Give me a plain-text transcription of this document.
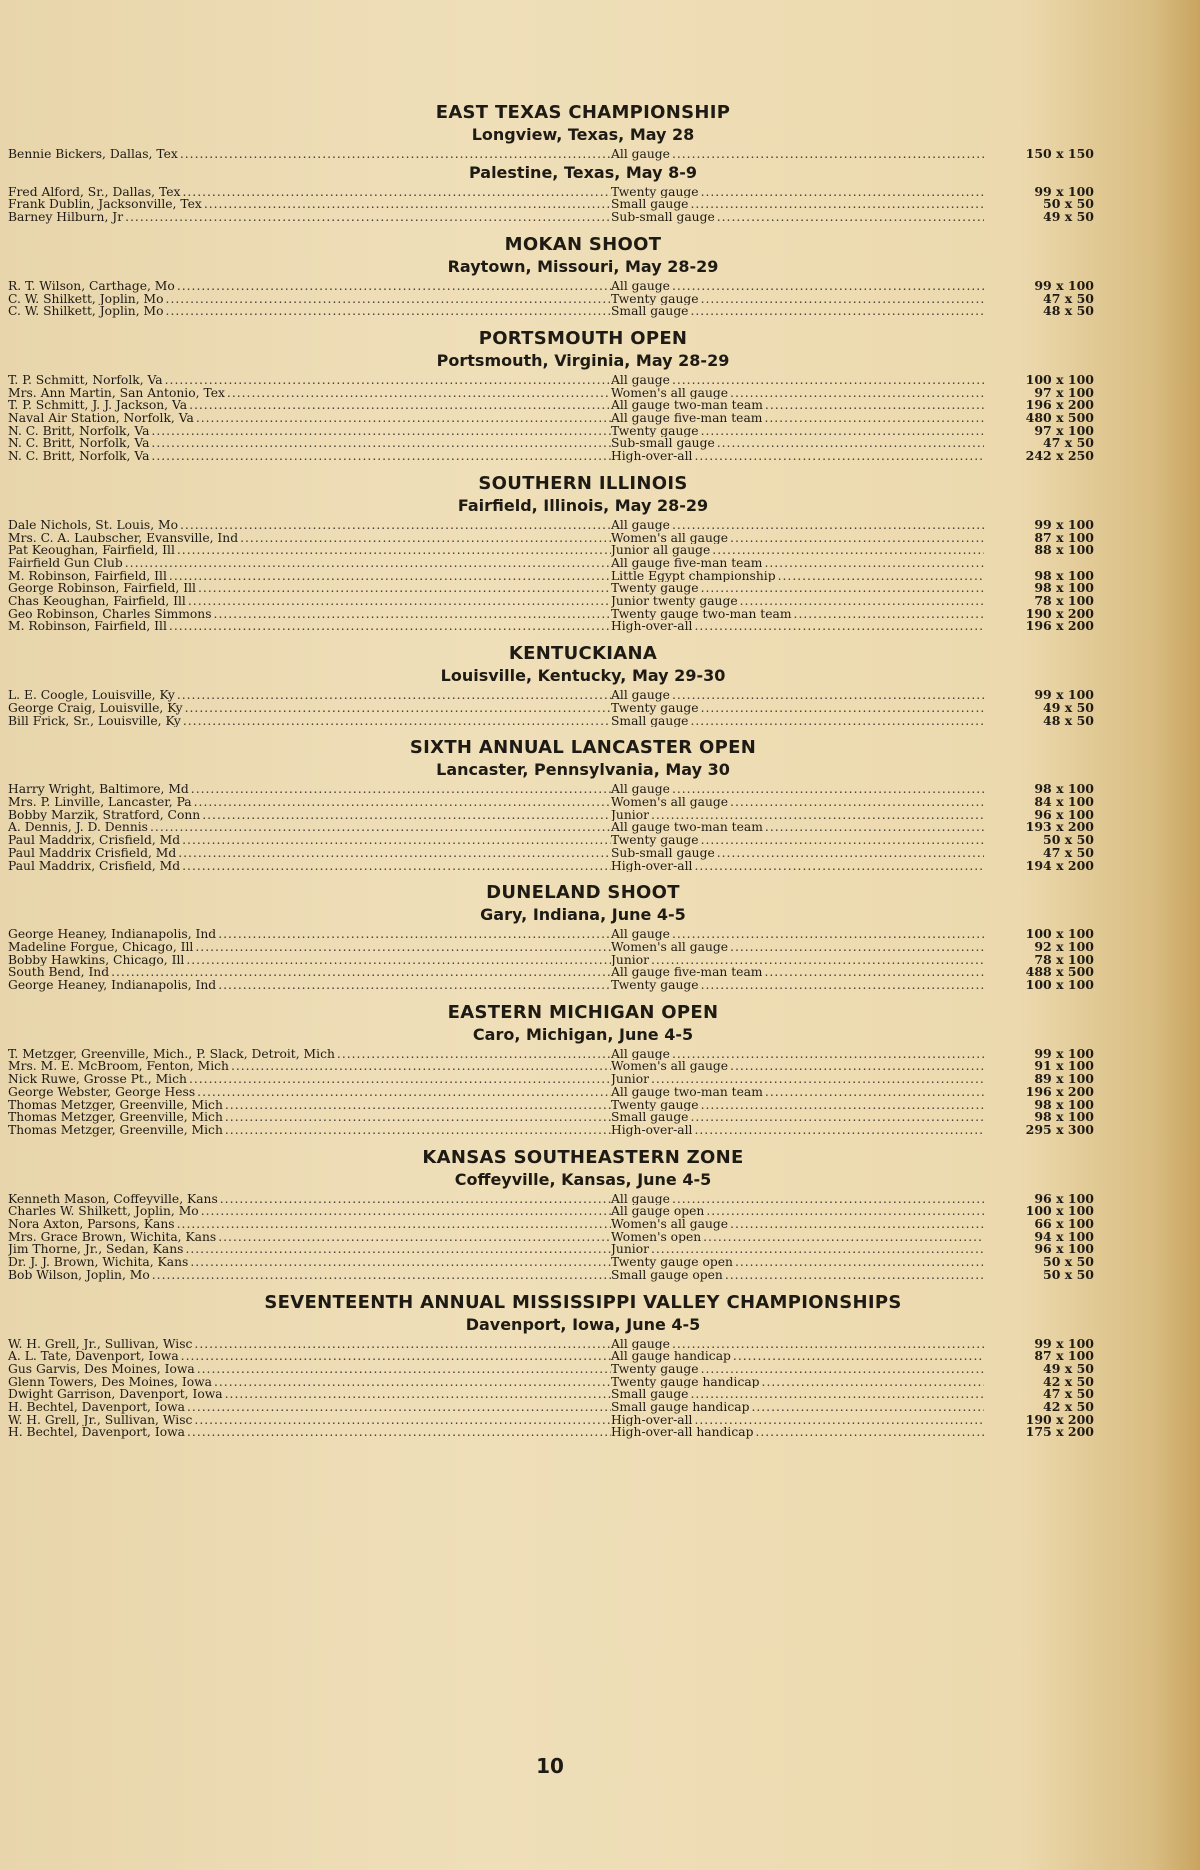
EAST TEXAS CHAMPIONSHIP
Longview, Texas, May 28
Bennie Bickers, Dallas, Tex .....	All gauge .....	150 x 150
Palestine, Texas, May 8-9
Fred Alford, Sr., Dallas, Tex .....	Twenty gauge .....	99 x 100
Frank Dublin, Jacksonville, Tex .....	Small gauge .....	50 x 50
Barney Hilburn, Jr .....	Sub-small gauge .....	49 x 50
MOKAN SHOOT
Raytown, Missouri, May 28-29
R. T. Wilson, Carthage, Mo .....	All gauge .....	99 x 100
C. W. Shilkett, Joplin, Mo .....	Twenty gauge .....	47 x 50
C. W. Shilkett, Joplin, Mo .....	Small gauge .....	48 x 50
PORTSMOUTH OPEN
Portsmouth, Virginia, May 28-29
T. P. Schmitt, Norfolk, Va .....	All gauge .....	100 x 100
Mrs. Ann Martin, San Antonio, Tex .....	Women's all gauge .....	97 x 100
T. P. Schmitt, J. J. Jackson, Va .....	All gauge two-man team .....	196 x 200
Naval Air Station, Norfolk, Va .....	All gauge five-man team .....	480 x 500
N. C. Britt, Norfolk, Va .....	Twenty gauge .....	97 x 100
N. C. Britt, Norfolk, Va .....	Sub-small gauge .....	47 x 50
N. C. Britt, Norfolk, Va .....	High-over-all .....	242 x 250
SOUTHERN ILLINOIS
Fairfield, Illinois, May 28-29
Dale Nichols, St. Louis, Mo .....	All gauge .....	99 x 100
Mrs. C. A. Laubscher, Evansville, Ind .....	Women's all gauge .....	87 x 100
Pat Keoughan, Fairfield, Ill .....	Junior all gauge .....	88 x 100
Fairfield Gun Club .....	All gauge five-man team
.....
M. Robinson, Fairfield, Ill .....	Little Egypt championship .....	98 x 100
George Robinson, Fairfield, Ill .....	Twenty gauge .....	98 x 100
Chas Keoughan, Fairfield, Ill .....	Junior twenty gauge .....	78 x 100
Geo Robinson, Charles Simmons .....	Twenty gauge two-man team .....	190 x 200
M. Robinson, Fairfield, Ill .....	High-over-all .....	196 x 200
KENTUCKIANA
Louisville, Kentucky, May 29-30
L. E. Coogle, Louisville, Ky .....	All gauge .....	99 x 100
George Craig, Louisville, Ky .....	Twenty gauge .....	49 x 50
Bill Frick, Sr., Louisville, Ky .....	Small gauge .....	48 x 50
SIXTH ANNUAL LANCASTER OPEN
Lancaster, Pennsylvania, May 30
Harry Wright, Baltimore, Md .....	All gauge .....	98 x 100
Mrs. P. Linville, Lancaster, Pa .....	Women's all gauge .....	84 x 100
Bobby Marzik, Stratford, Conn .....	Junior .....	96 x 100
A. Dennis, J. D. Dennis .....	All gauge two-man team .....	193 x 200
Paul Maddrix, Crisfield, Md .....	Twenty gauge .....	50 x 50
Paul Maddrix Crisfield, Md .....	Sub-small gauge .....	47 x 50
Paul Maddrix, Crisfield, Md .....	High-over-all .....	194 x 200
DUNELAND SHOOT
Gary, Indiana, June 4-5
George Heaney, Indianapolis, Ind .....	All gauge .....	100 x 100
Madeline Forgue, Chicago, Ill .....	Women's all gauge .....	92 x 100
Bobby Hawkins, Chicago, Ill .....	Junior .....	78 x 100
South Bend, Ind .....	All gauge five-man team .....	488 x 500
George Heaney, Indianapolis, Ind .....	Twenty gauge .....	100 x 100
EASTERN MICHIGAN OPEN
Caro, Michigan, June 4-5
T. Metzger, Greenville, Mich., P. Slack, Detroit, Mich .....	All gauge .....	99 x 100
Mrs. M. E. McBroom, Fenton, Mich .....	Women's all gauge .....	91 x 100
Nick Ruwe, Grosse Pt., Mich .....	Junior .....	89 x 100
George Webster, George Hess .....	All gauge two-man team .....	196 x 200
Thomas Metzger, Greenville, Mich .....	Twenty gauge .....	98 x 100
Thomas Metzger, Greenville, Mich .....	Small gauge .....	98 x 100
Thomas Metzger, Greenville, Mich .....	High-over-all .....	295 x 300
KANSAS SOUTHEASTERN ZONE
Coffeyville, Kansas, June 4-5
Kenneth Mason, Coffeyville, Kans .....	All gauge .....	96 x 100
Charles W. Shilkett, Joplin, Mo .....	All gauge open .....	100 x 100
Nora Axton, Parsons, Kans .....	Women's all gauge .....	66 x 100
Mrs. Grace Brown, Wichita, Kans .....	Women's open .....	94 x 100
Jim Thorne, Jr., Sedan, Kans .....	Junior .....	96 x 100
Dr. J. J. Brown, Wichita, Kans .....	Twenty gauge open .....	50 x 50
Bob Wilson, Joplin, Mo .....	Small gauge open .....	50 x 50
SEVENTEENTH ANNUAL MISSISSIPPI VALLEY CHAMPIONSHIPS
Davenport, Iowa, June 4-5
W. H. Grell, Jr., Sullivan, Wisc .....	All gauge .....	99 x 100
A. L. Tate, Davenport, Iowa .....	All gauge handicap .....	87 x 100
Gus Garvis, Des Moines, Iowa .....	Twenty gauge .....	49 x 50
Glenn Towers, Des Moines, Iowa .....	Twenty gauge handicap .....	42 x 50
Dwight Garrison, Davenport, Iowa .....	Small gauge .....	47 x 50
H. Bechtel, Davenport, Iowa .....	Small gauge handicap .....	42 x 50
W. H. Grell, Jr., Sullivan, Wisc .....	High-over-all .....	190 x 200
H. Bechtel, Davenport, Iowa .....	High-over-all handicap .....	175 x 200
10
